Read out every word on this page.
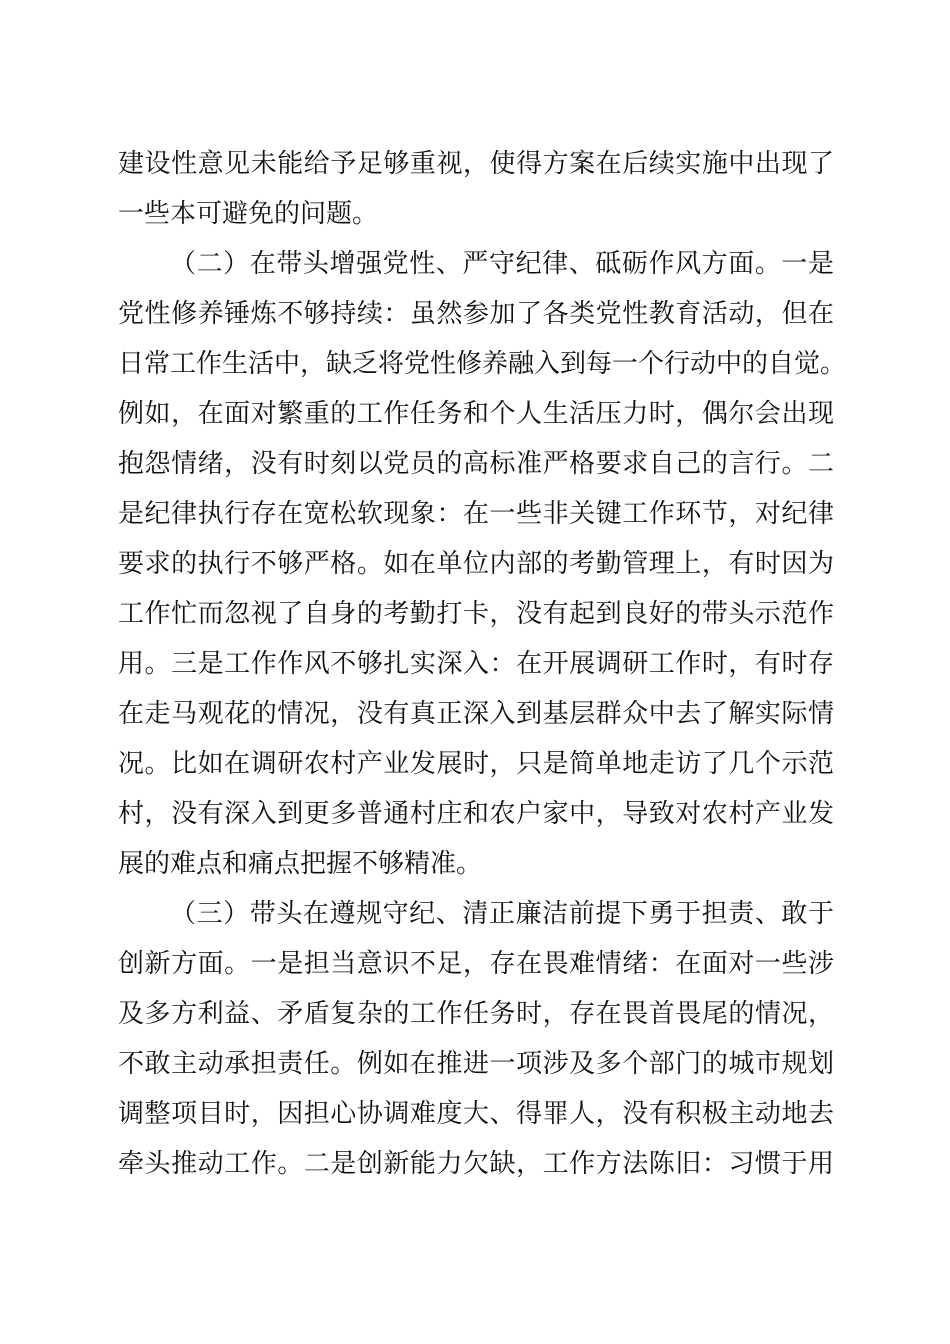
建设性意见未能给予足够重视，使得方案在后续实施中出现了
一些本可避免的问题。
（二）在带头增强党性、严守纪律、砥砺作风方面。一是
党性修养锤炼不够持续：虽然参加了各类党性教育活动，但在
日常工作生活中，缺乏将党性修养融入到每一个行动中的自觉。
例如，在面对繁重的工作任务和个人生活压力时，偶尔会出现
抱怨情绪，没有时刻以党员的高标准严格要求自己的言行。二
是纪律执行存在宽松软现象：在一些非关键工作环节，对纪律
要求的执行不够严格。如在单位内部的考勤管理上，有时因为
工作忙而忽视了自身的考勤打卡，没有起到良好的带头示范作
用。三是工作作风不够扎实深入：在开展调研工作时，有时存
在走马观花的情况，没有真正深入到基层群众中去了解实际情
况。比如在调研农村产业发展时，只是简单地走访了几个示范
村，没有深入到更多普通村庄和农户家中，导致对农村产业发
展的难点和痛点把握不够精准。
（三）带头在遵规守纪、清正廉洁前提下勇于担责、敢于
创新方面。一是担当意识不足，存在畏难情绪：在面对一些涉
及多方利益、矛盾复杂的工作任务时，存在畏首畏尾的情况，
不敢主动承担责任。例如在推进一项涉及多个部门的城市规划
调整项目时，因担心协调难度大、得罪人，没有积极主动地去
牵头推动工作。二是创新能力欠缺，工作方法陈旧：习惯于用
